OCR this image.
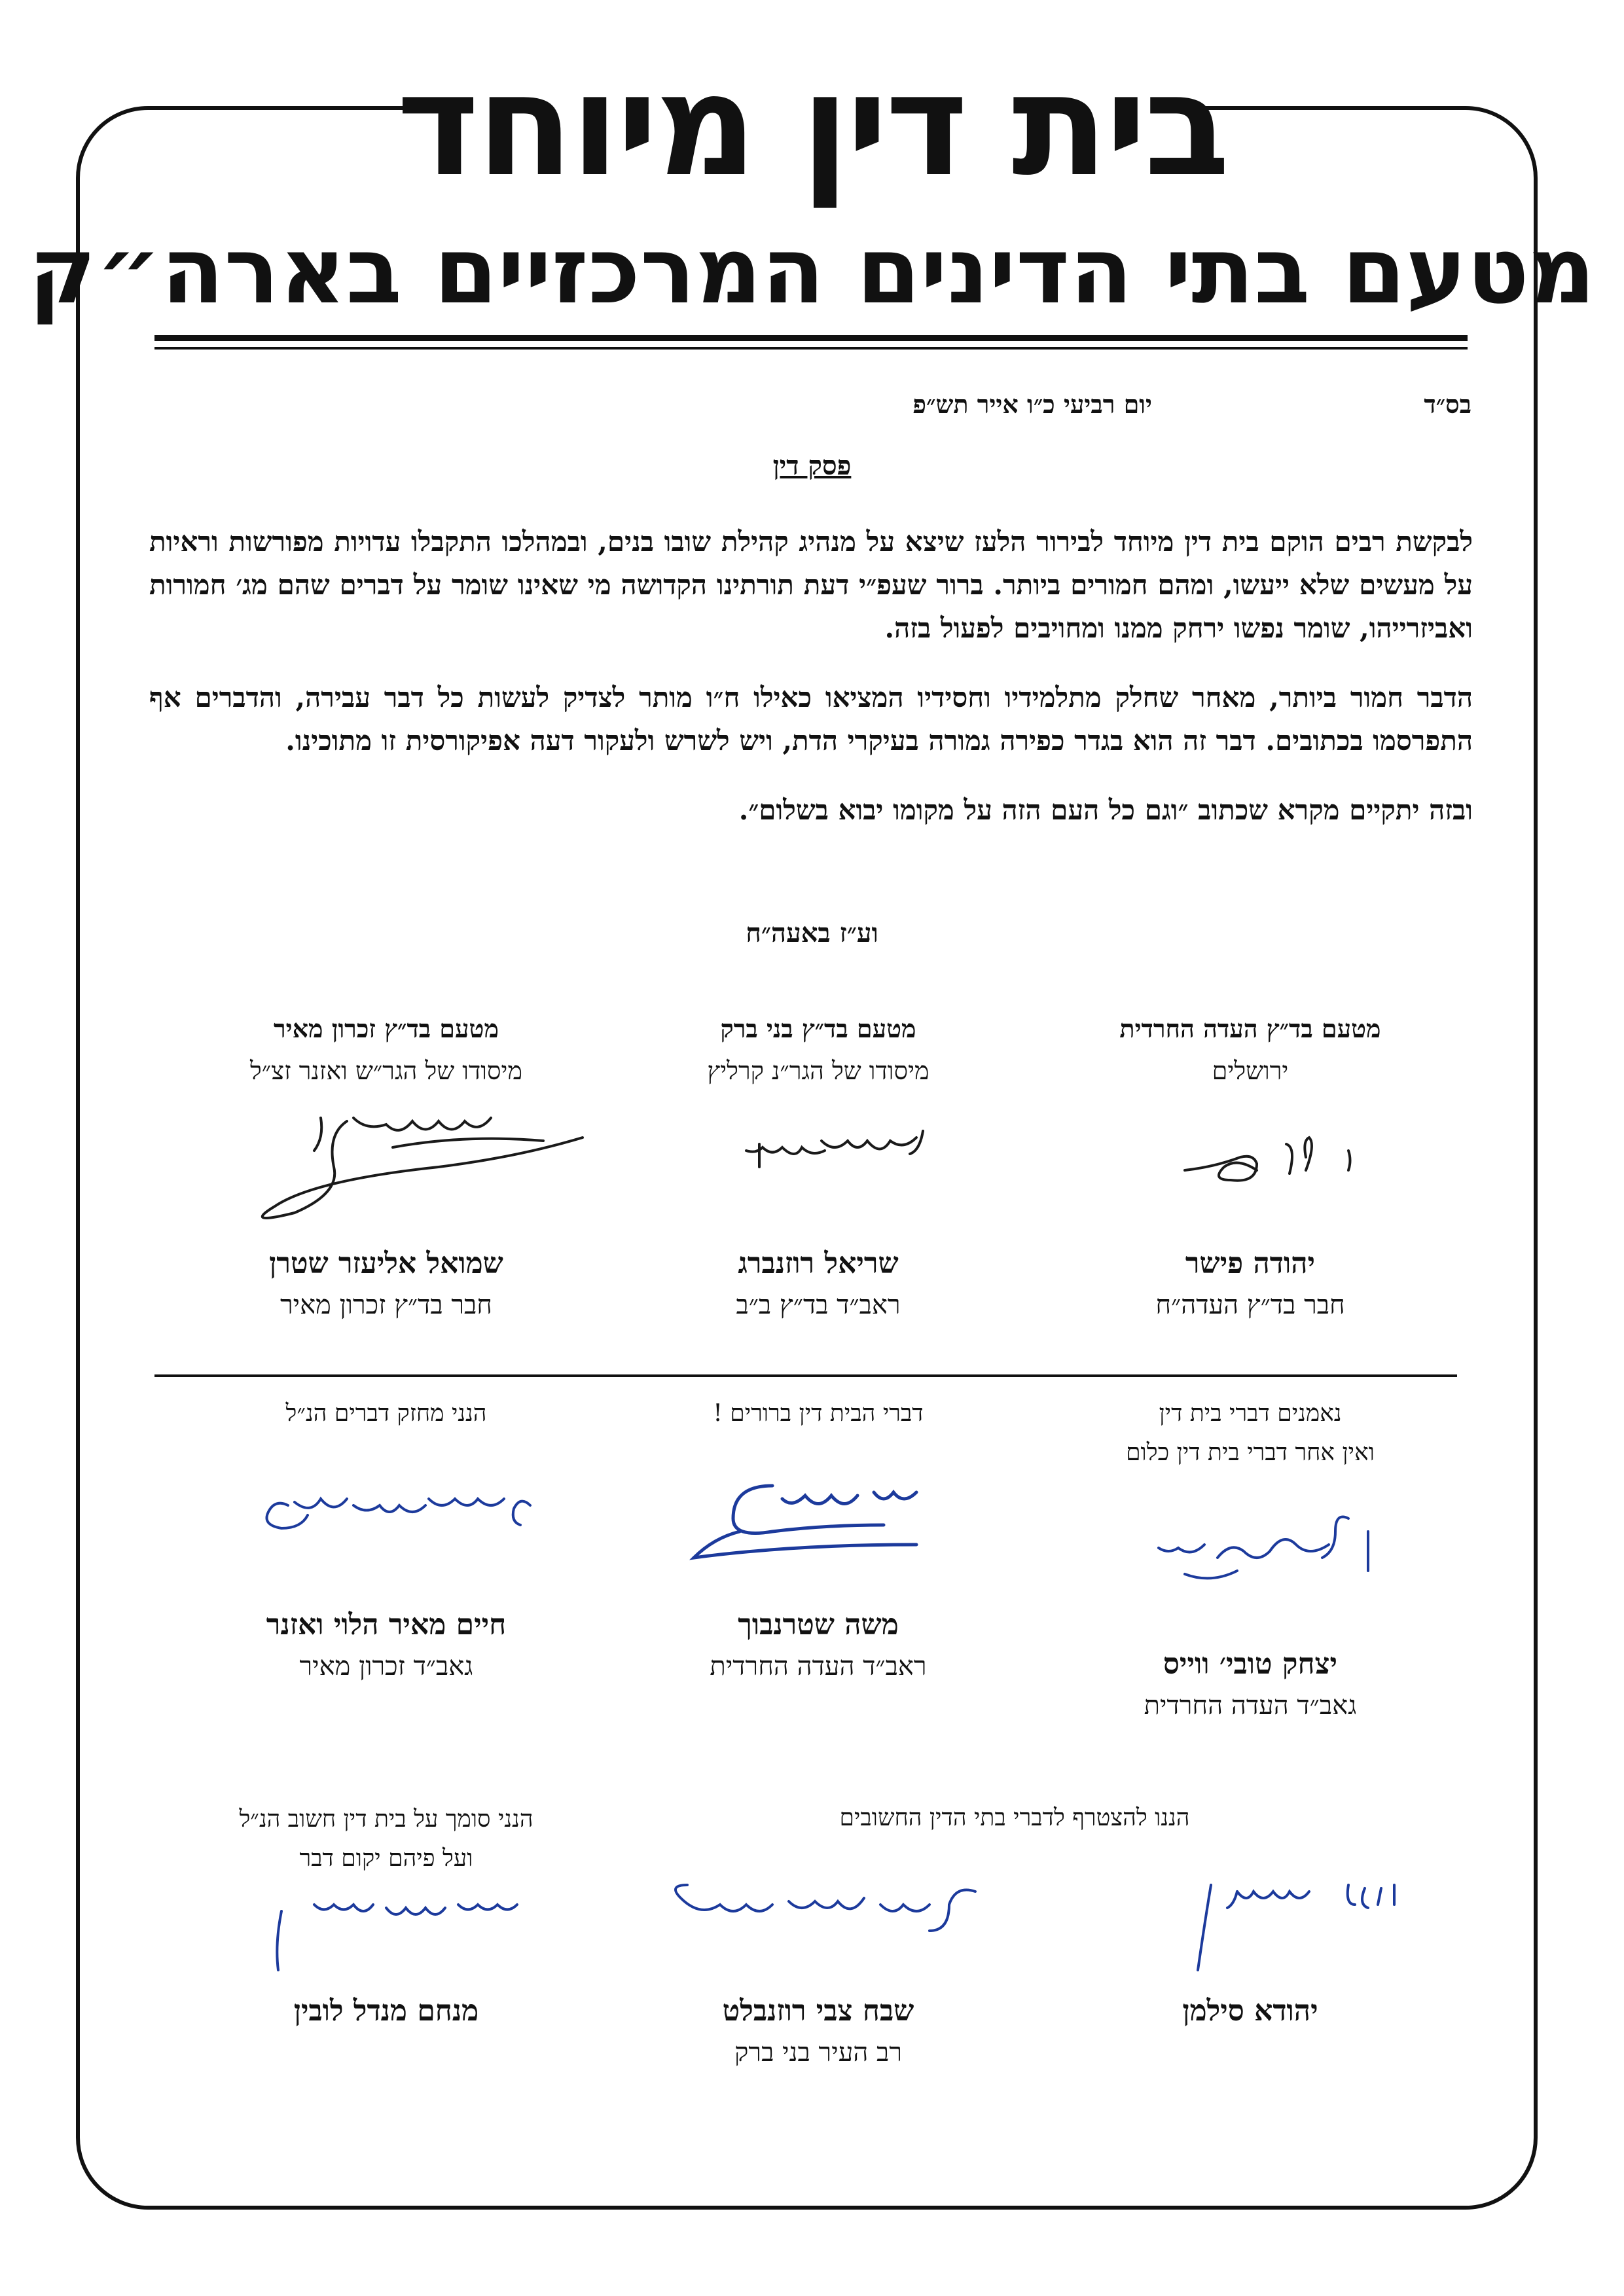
בית דין מיוחד
מטעם בתי הדינים המרכזיים בארה״ק
בס״ד
יום רביעי כ״ו אייר תש״פ
פסק דין

לבקשת רבים הוקם בית דין מיוחד לבירור הלעז שיצא על מנהיג קהילת שובו בנים, ובמהלכו התקבלו עדויות מפורשות וראיות על מעשים שלא ייעשו, ומהם חמורים ביותר. ברור שעפ״י דעת תורתינו הקדושה מי שאינו שומר על דברים שהם מג׳ חמורות ואביזרייהו, שומר נפשו ירחק ממנו ומחויבים לפעול בזה.

הדבר חמור ביותר, מאחר שחלק מתלמידיו וחסידיו המציאו כאילו ח״ו מותר לצדיק לעשות כל דבר עבירה, והדברים אף התפרסמו בכתובים. דבר זה הוא בגדר כפירה גמורה בעיקרי הדת, ויש לשרש ולעקור דעה אפיקורסית זו מתוכינו.

ובזה יתקיים מקרא שכתוב ״וגם כל העם הזה על מקומו יבוא בשלום״.

וע״ז באעה״ח
מטעם בד״ץ העדה החרדית
ירושלים
יהודה פישר
חבר בד״ץ העדה״ח
מטעם בד״ץ בני ברק
מיסודו של הגר״נ קרליץ
שריאל רוזנברג
ראב״ד בד״ץ ב״ב
מטעם בד״ץ זכרון מאיר
מיסודו של הגר״ש ואזנר זצ״ל
שמואל אליעזר שטרן
חבר בד״ץ זכרון מאיר
נאמנים דברי בית דין
ואין אחר דברי בית דין כלום
יצחק טובי׳ ווייס
גאב״ד העדה החרדית
דברי הבית דין ברורים !
משה שטרנבוך
ראב״ד העדה החרדית
הנני מחזק דברים הנ״ל
חיים מאיר הלוי ואזנר
גאב״ד זכרון מאיר
הננו להצטרף לדברי בתי הדין החשובים
יהודא סילמן
שבח צבי רוזנבלט
רב העיר בני ברק
הנני סומך על בית דין חשוב הנ״ל
ועל פיהם יקום דבר
מנחם מנדל לובין
